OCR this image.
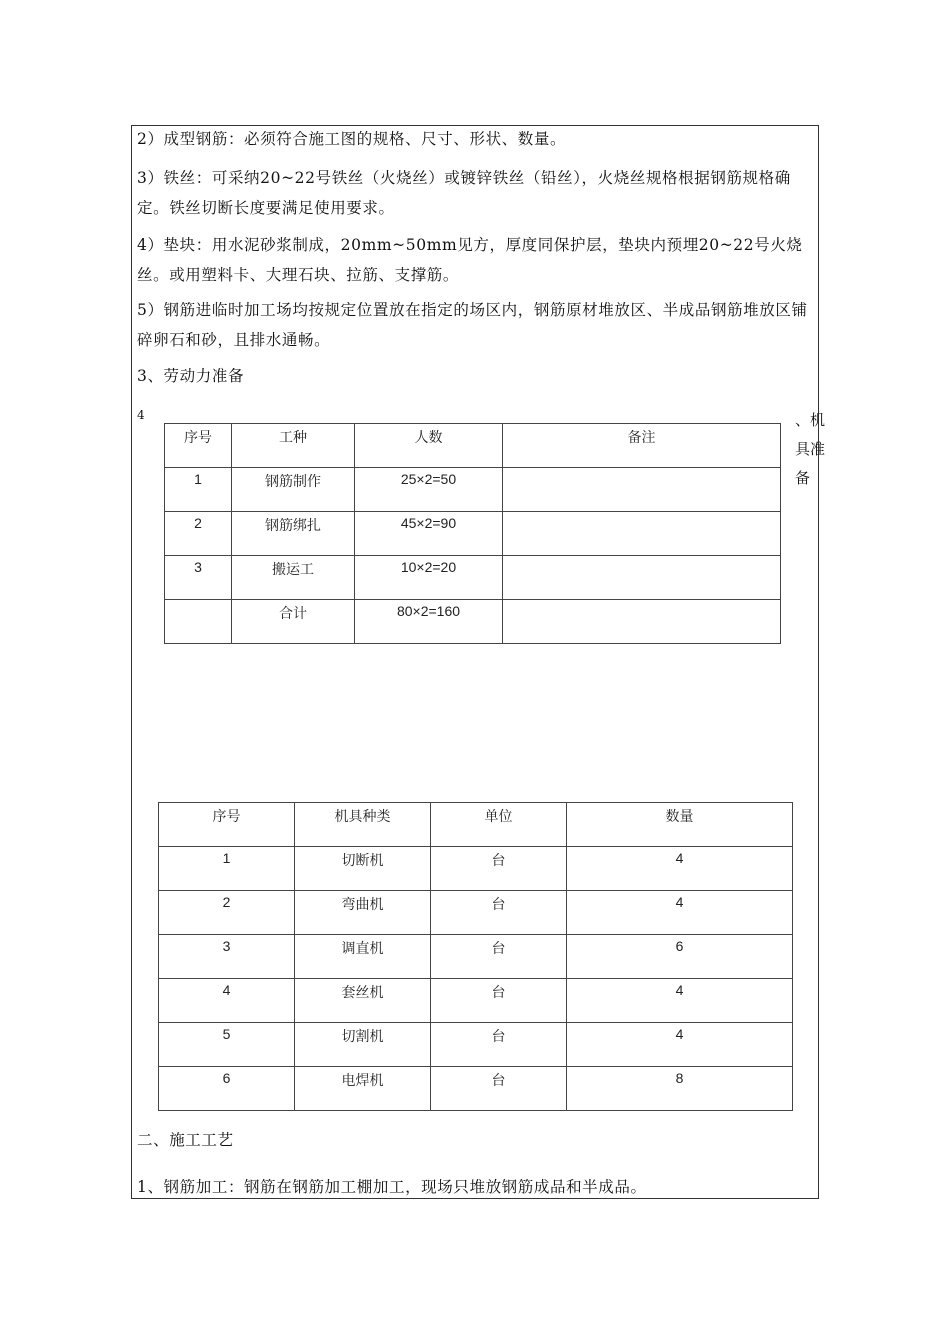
2）成型钢筋：必须符合施工图的规格、尺寸、形状、数量。

3）铁丝：可采纳20~22号铁丝（火烧丝）或镀锌铁丝（铅丝），火烧丝规格根据钢筋规格确定。铁丝切断长度要满足使用要求。

4）垫块：用水泥砂浆制成，20mm~50mm见方，厚度同保护层，垫块内预埋20~22号火烧丝。或用塑料卡、大理石块、拉筋、支撑筋。

5）钢筋进临时加工场均按规定位置放在指定的场区内，钢筋原材堆放区、半成品钢筋堆放区铺碎卵石和砂，且排水通畅。

3、劳动力准备

4	、机具准备
序号	工种	人数	备注
1	钢筋制作	25×2=50	
2	钢筋绑扎	45×2=90	
3	搬运工	10×2=20	
	合计	80×2=160	
序号	机具种类	单位	数量
1	切断机	台	4
2	弯曲机	台	4
3	调直机	台	6
4	套丝机	台	4
5	切割机	台	4
6	电焊机	台	8

二、施工工艺

1、钢筋加工：钢筋在钢筋加工棚加工，现场只堆放钢筋成品和半成品。
